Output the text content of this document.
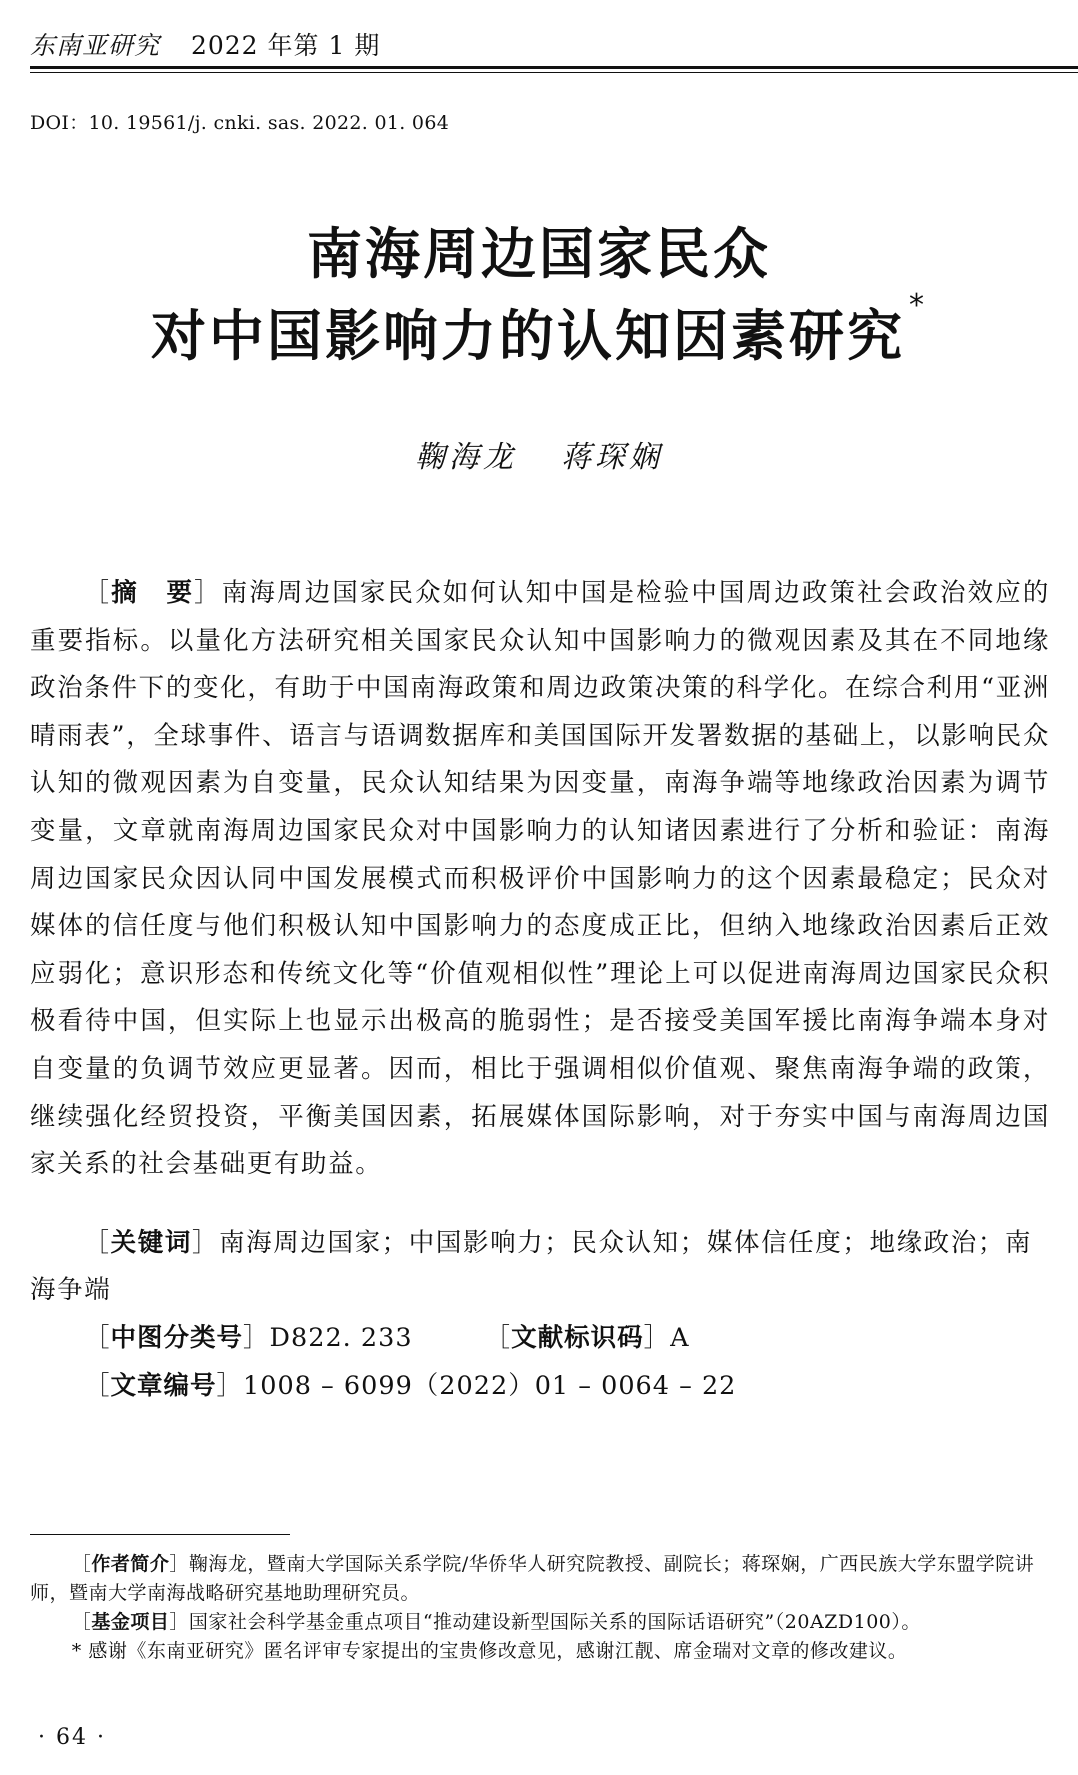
东南亚研究 2022 年第 1 期
DOI：10. 19561/j. cnki. sas. 2022. 01. 064
南海周边国家民众
对中国影响力的认知因素研究 *
鞠海龙 蒋琛娴
［摘　要］南海周边国家民众如何认知中国是检验中国周边政策社会政治效应的重要指标。以量化方法研究相关国家民众认知中国影响力的微观因素及其在不同地缘政治条件下的变化，有助于中国南海政策和周边政策决策的科学化。在综合利用“亚洲晴雨表”，全球事件、语言与语调数据库和美国国际开发署数据的基础上，以影响民众认知的微观因素为自变量，民众认知结果为因变量，南海争端等地缘政治因素为调节变量，文章就南海周边国家民众对中国影响力的认知诸因素进行了分析和验证：南海周边国家民众因认同中国发展模式而积极评价中国影响力的这个因素最稳定；民众对媒体的信任度与他们积极认知中国影响力的态度成正比，但纳入地缘政治因素后正效应弱化；意识形态和传统文化等“价值观相似性”理论上可以促进南海周边国家民众积极看待中国，但实际上也显示出极高的脆弱性；是否接受美国军援比南海争端本身对自变量的负调节效应更显著。因而，相比于强调相似价值观、聚焦南海争端的政策，继续强化经贸投资，平衡美国因素，拓展媒体国际影响，对于夯实中国与南海周边国家关系的社会基础更有助益。
［关键词］南海周边国家；中国影响力；民众认知；媒体信任度；地缘政治；南海争端
［中图分类号］D822. 233	［文献标识码］A
［文章编号］1008 – 6099（2022）01 – 0064 – 22
［作者简介］鞠海龙，暨南大学国际关系学院/华侨华人研究院教授、副院长；蒋琛娴，广西民族大学东盟学院讲师，暨南大学南海战略研究基地助理研究员。
［基金项目］国家社会科学基金重点项目“推动建设新型国际关系的国际话语研究”（20AZD100）。
* 感谢《东南亚研究》匿名评审专家提出的宝贵修改意见，感谢江靓、席金瑞对文章的修改建议。
· 64 ·
